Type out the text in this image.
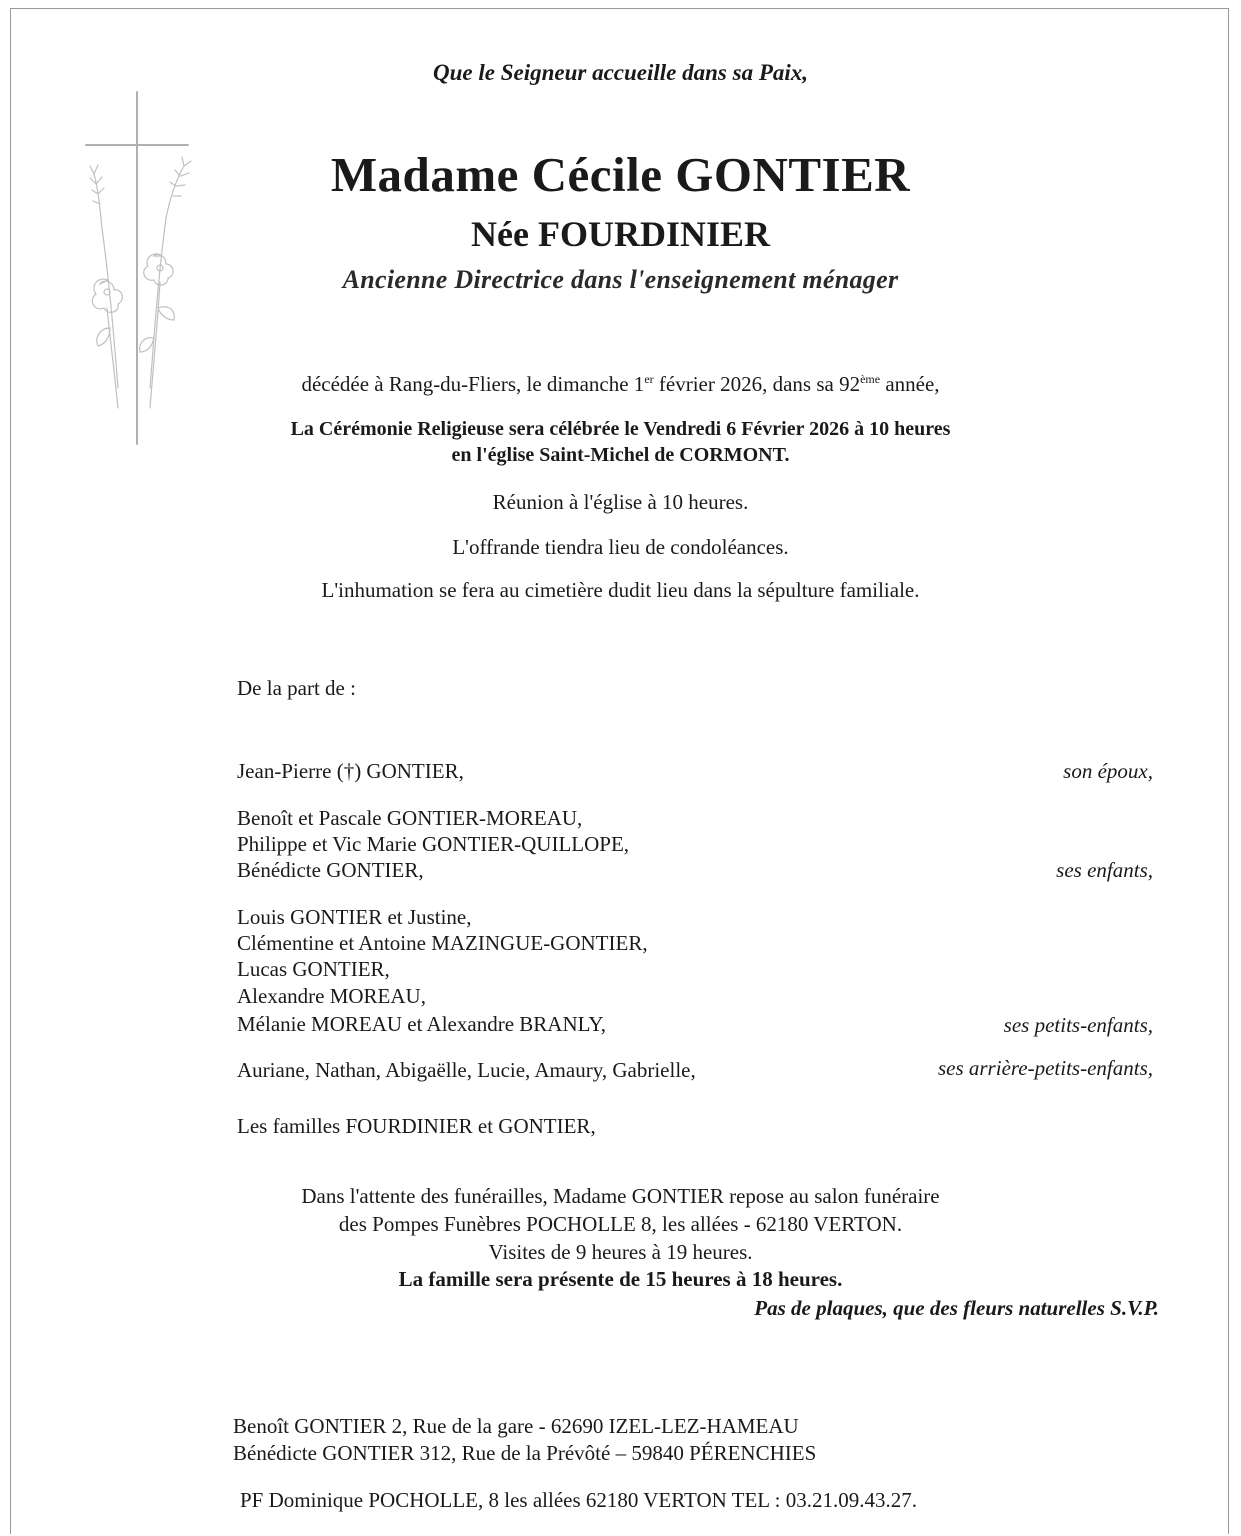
Que le Seigneur accueille dans sa Paix,
Madame Cécile GONTIER
Née FOURDINIER
Ancienne Directrice dans l'enseignement ménager
décédée à Rang-du-Fliers, le dimanche 1er février 2026, dans sa 92ème année,
La Cérémonie Religieuse sera célébrée le Vendredi 6 Février 2026 à 10 heures
en l'église Saint-Michel de CORMONT.
Réunion à l'église à 10 heures.
L'offrande tiendra lieu de condoléances.
L'inhumation se fera au cimetière dudit lieu dans la sépulture familiale.
De la part de :
Jean-Pierre (†) GONTIER,	son époux,
Benoît et Pascale GONTIER-MOREAU,
Philippe et Vic Marie GONTIER-QUILLOPE,
Bénédicte GONTIER,	ses enfants,
Louis GONTIER et Justine,
Clémentine et Antoine MAZINGUE-GONTIER,
Lucas GONTIER,
Alexandre MOREAU,
Mélanie MOREAU et Alexandre BRANLY,	ses petits-enfants,
Auriane, Nathan, Abigaëlle, Lucie, Amaury, Gabrielle,	ses arrière-petits-enfants,
Les familles FOURDINIER et GONTIER,
Dans l'attente des funérailles, Madame GONTIER repose au salon funéraire
des Pompes Funèbres POCHOLLE 8, les allées - 62180 VERTON.
Visites de 9 heures à 19 heures.
La famille sera présente de 15 heures à 18 heures.
Pas de plaques, que des fleurs naturelles S.V.P.
Benoît GONTIER 2, Rue de la gare - 62690 IZEL-LEZ-HAMEAU
Bénédicte GONTIER 312, Rue de la Prévôté – 59840 PÉRENCHIES
PF Dominique POCHOLLE, 8 les allées 62180 VERTON TEL : 03.21.09.43.27.
